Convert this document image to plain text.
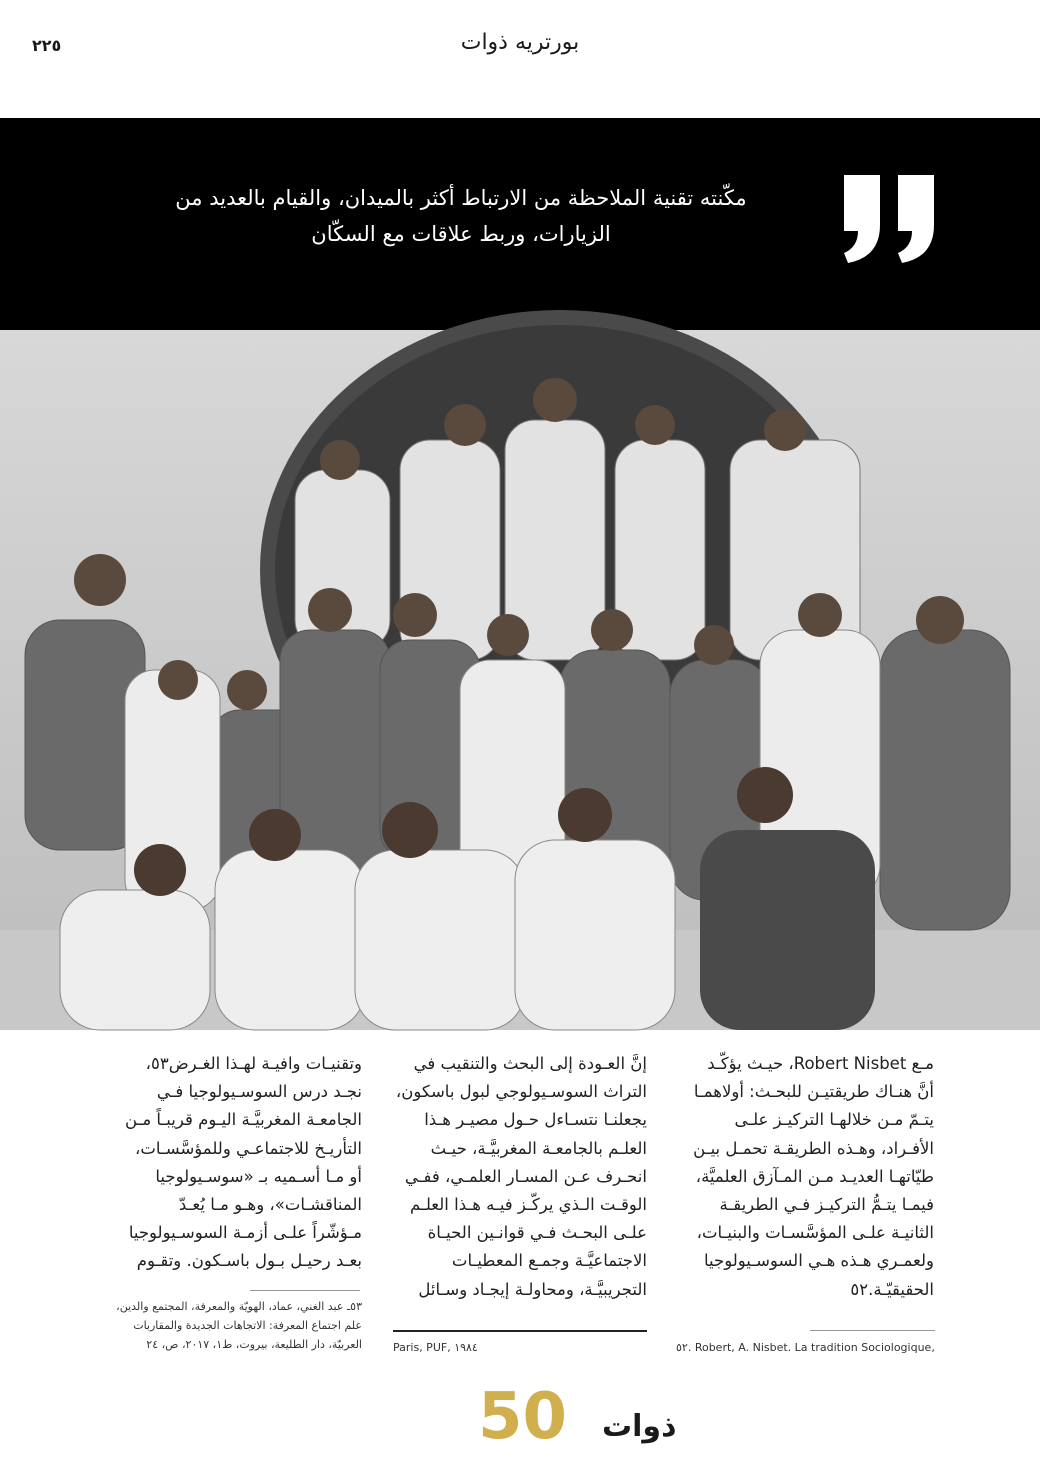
بورتريه ذوات
٢٢٥
مكّنته تقنية الملاحظة من الارتباط أكثر بالميدان، والقيام بالعديد من
الزيارات، وربط علاقات مع السكّان
مـع Robert Nisbet، حيـث يؤكّـد
أنَّ هنـاك طريقتيـن للبحـث: أولاهمـا
يتـمّ مـن خلالهـا التركيـز علـى
الأفـراد، وهـذه الطريقـة تحمـل بيـن
طيّاتهـا العديـد مـن المـآزق العلميَّة،
فيمـا يتـمُّ التركيـز فـي الطريقـة
الثانيـة علـى المؤسَّسـات والبنيـات،
ولعمـري هـذه هـي السوسـيولوجيا
الحقيقيّـة.٥٢
إنَّ العـودة إلى البحث والتنقيب في
التراث السوسـيولوجي لبول باسكون،
يجعلنـا نتسـاءل حـول مصيـر هـذا
العلـم بالجامعـة المغربيَّـة، حيـث
انحـرف عـن المسـار العلمـي، ففـي
الوقـت الـذي يركّـز فيـه هـذا العلـم
علـى البحـث فـي قوانـين الحيـاة
الاجتماعيَّـة وجمـع المعطيـات
التجريبيَّـة، ومحاولـة إيجـاد وسـائل
وتقنيـات وافيـة لهـذا الغـرض٥٣،
نجـد درس السوسـيولوجيا فـي
الجامعـة المغربيَّـة اليـوم قريبـاً مـن
التأريـخ للاجتماعـي وللمؤسَّسـات،
أو مـا أسـميه بـ «سوسـيولوجيا
المناقشـات»، وهـو مـا يُعـدّ
مـؤشّراً علـى أزمـة السوسـيولوجيا
بعـد رحيـل بـول باسـكون. وتقـوم
٥٢. Robert, A. Nisbet. La tradition Sociologique,
Paris, PUF, ١٩٨٤
٥٣ـ عبد الغني، عماد، الهويّة والمعرفة، المجتمع والدين،
علم اجتماع المعرفة: الاتجاهات الجديدة والمقاربات
العربيّة، دار الطليعة، بيروت، ط١، ٢٠١٧، ص، ٢٤
50 ذوات
